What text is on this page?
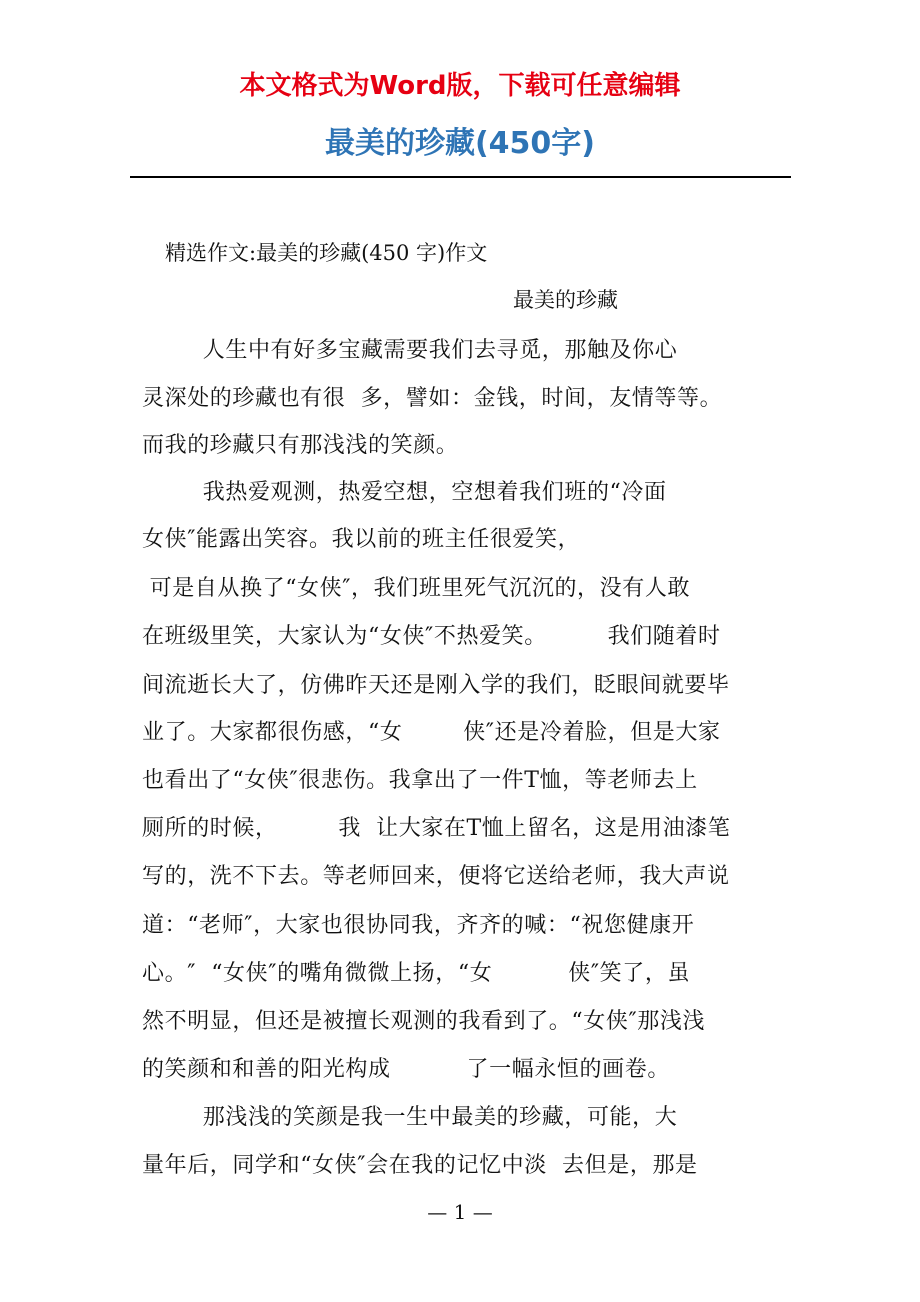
本文格式为Word版，下载可任意编辑
最美的珍藏(450字)
精选作文:最美的珍藏(450 字)作文
最美的珍藏
人生中有好多宝藏需要我们去寻觅，那触及你心
灵深处的珍藏也有很  多，譬如：金钱，时间，友情等等。
而我的珍藏只有那浅浅的笑颜。
我热爱观测，热爱空想，空想着我们班的“冷面
女侠″能露出笑容。我以前的班主任很爱笑，
可是自从换了“女侠″，我们班里死气沉沉的，没有人敢
在班级里笑，大家认为“女侠″不热爱笑。        我们随着时
间流逝长大了，仿佛昨天还是刚入学的我们，眨眼间就要毕
业了。大家都很伤感，“女        侠″还是冷着脸，但是大家
也看出了“女侠″很悲伤。我拿出了一件T恤，等老师去上
厕所的时候，        我  让大家在T恤上留名，这是用油漆笔
写的，洗不下去。等老师回来，便将它送给老师，我大声说
道：“老师″，大家也很协同我，齐齐的喊：“祝您健康开
心。″  “女侠″的嘴角微微上扬，“女          侠″笑了，虽
然不明显，但还是被擅长观测的我看到了。“女侠″那浅浅
的笑颜和和善的阳光构成          了一幅永恒的画卷。
那浅浅的笑颜是我一生中最美的珍藏，可能，大
量年后，同学和“女侠″会在我的记忆中淡  去但是，那是
— 1 —
